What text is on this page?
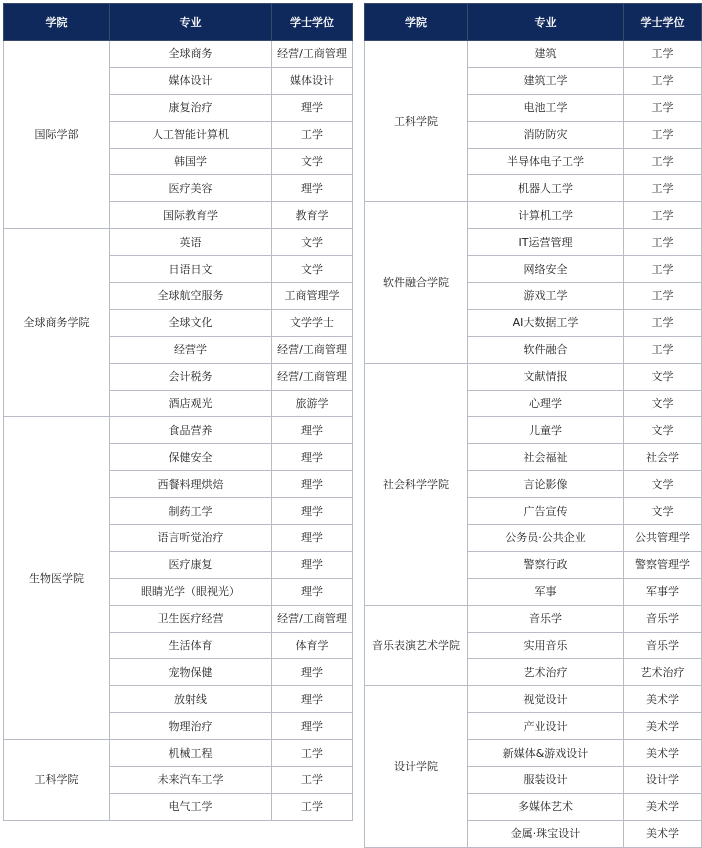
学院	专业	学士学位
国际学部	全球商务	经营/工商管理
	媒体设计	媒体设计
	康复治疗	理学
	人工智能计算机	工学
	韩国学	文学
	医疗美容	理学
	国际教育学	教育学
全球商务学院	英语	文学
	日语日文	文学
	全球航空服务	工商管理学
	全球文化	文学学士
	经营学	经营/工商管理
	会计税务	经营/工商管理
	酒店观光	旅游学
生物医学院	食品营养	理学
	保健安全	理学
	西餐料理烘焙	理学
	制药工学	理学
	语言听觉治疗	理学
	医疗康复	理学
	眼睛光学（眼视光）	理学
	卫生医疗经营	经营/工商管理
	生活体育	体育学
	宠物保健	理学
	放射线	理学
	物理治疗	理学
工科学院	机械工程	工学
	未来汽车工学	工学
	电气工学	工学
学院	专业	学士学位
工科学院	建筑	工学
	建筑工学	工学
	电池工学	工学
	消防防灾	工学
	半导体电子工学	工学
	机器人工学	工学
软件融合学院	计算机工学	工学
	IT运营管理	工学
	网络安全	工学
	游戏工学	工学
	AI大数据工学	工学
	软件融合	工学
社会科学学院	文献情报	文学
	心理学	文学
	儿童学	文学
	社会福祉	社会学
	言论影像	文学
	广告宣传	文学
	公务员·公共企业	公共管理学
	警察行政	警察管理学
	军事	军事学
音乐表演艺术学院	音乐学	音乐学
	实用音乐	音乐学
	艺术治疗	艺术治疗
设计学院	视觉设计	美术学
	产业设计	美术学
	新媒体&游戏设计	美术学
	服装设计	设计学
	多媒体艺术	美术学
	金属·珠宝设计	美术学
